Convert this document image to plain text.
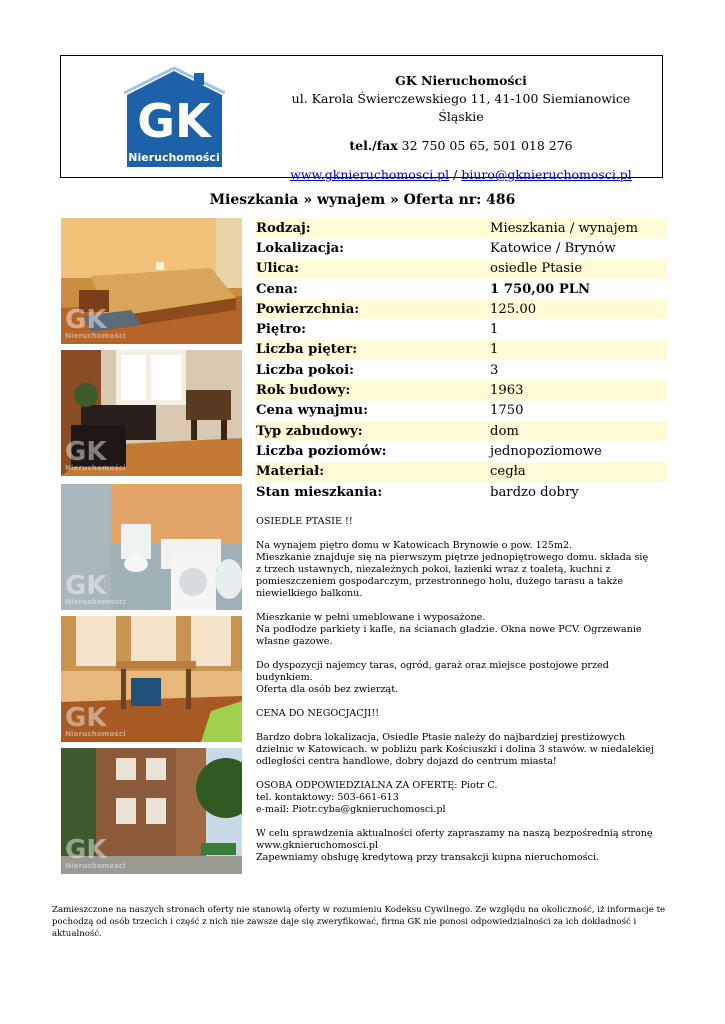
GK
Nieruchomości
GK Nieruchomości
ul. Karola Świerczewskiego 11, 41-100 Siemianowice Śląskie
tel./fax 32 750 05 65, 501 018 276
www.gknieruchomosci.pl / biuro@gknieruchomosci.pl
Mieszkania » wynajem » Oferta nr: 486
GK
Nieruchomości
GK
Nieruchomości
GK
Nieruchomości
GK
Nieruchomości
GK
Nieruchomości
Rodzaj:	Mieszkania / wynajem
Lokalizacja:	Katowice / Brynów
Ulica:	osiedle Ptasie
Cena:	1 750,00 PLN
Powierzchnia:	125.00
Piętro:	1
Liczba pięter:	1
Liczba pokoi:	3
Rok budowy:	1963
Cena wynajmu:	1750
Typ zabudowy:	dom
Liczba poziomów:	jednopoziomowe
Materiał:	cegła
Stan mieszkania:	bardzo dobry

OSIEDLE PTASIE !!

Na wynajem piętro domu w Katowicach Brynowie o pow. 125m2.
Mieszkanie znajduje się na pierwszym piętrze jednopiętrowego domu. składa się z trzech ustawnych, niezależnych pokoi, łazienki wraz z toaletą, kuchni z pomieszczeniem gospodarczym, przestronnego holu, dużego tarasu a także niewielkiego balkonu.

Mieszkanie w pełni umeblowane i wyposażone.
Na podłodze parkiety i kafle, na ścianach gładzie. Okna nowe PCV. Ogrzewanie własne gazowe.

Do dyspozycji najemcy taras, ogród, garaż oraz miejsce postojowe przed budynkiem.
Oferta dla osób bez zwierząt.

CENA DO NEGOCJACJI!!

Bardzo dobra lokalizacja, Osiedle Ptasie należy do najbardziej prestiżowych dzielnic w Katowicach. w pobliżu park Kościuszki i dolina 3 stawów. w niedalekiej odległości centra handlowe, dobry dojazd do centrum miasta!

OSOBA ODPOWIEDZIALNA ZA OFERTĘ: Piotr C.
tel. kontaktowy: 503-661-613
e-mail: Piotr.cyba@gknieruchomosci.pl

W celu sprawdzenia aktualności oferty zapraszamy na naszą bezpośrednią stronę www.gknieruchomosci.pl
Zapewniamy obsługę kredytową przy transakcji kupna nieruchomości.

Zamieszczone na naszych stronach oferty nie stanowią oferty w rozumieniu Kodeksu Cywilnego. Ze względu na okoliczność, iż informacje te pochodzą od osób trzecich i część z nich nie zawsze daje się zweryfikować, firma GK nie ponosi odpowiedzialności za ich dokładność i aktualność.
